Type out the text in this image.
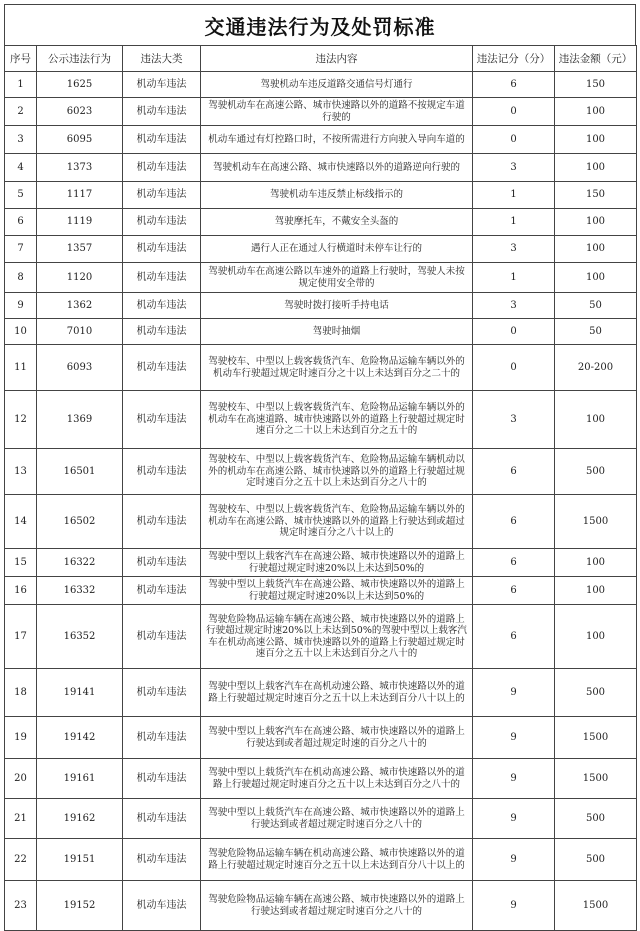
交通违法行为及处罚标准
序号	公示违法行为	违法大类	违法内容	违法记分（分）	违法金额（元）
1	1625	机动车违法	驾驶机动车违反道路交通信号灯通行	6	150
2	6023	机动车违法	驾驶机动车在高速公路、城市快速路以外的道路不按规定车道行驶的	0	100
3	6095	机动车违法	机动车通过有灯控路口时，不按所需进行方向驶入导向车道的	0	100
4	1373	机动车违法	驾驶机动车在高速公路、城市快速路以外的道路逆向行驶的	3	100
5	1117	机动车违法	驾驶机动车违反禁止标线指示的	1	150
6	1119	机动车违法	驾驶摩托车，不戴安全头盔的	1	100
7	1357	机动车违法	遇行人正在通过人行横道时未停车让行的	3	100
8	1120	机动车违法	驾驶机动车在高速公路以车速外的道路上行驶时，驾驶人未按规定使用安全带的	1	100
9	1362	机动车违法	驾驶时拨打接听手持电话	3	50
10	7010	机动车违法	驾驶时抽烟	0	50
11	6093	机动车违法	驾驶校车、中型以上载客载货汽车、危险物品运输车辆以外的机动车行驶超过规定时速百分之十以上未达到百分之二十的	0	20-200
12	1369	机动车违法	驾驶校车、中型以上载客载货汽车、危险物品运输车辆以外的机动车在高速道路、城市快速路以外的道路上行驶超过规定时速百分之二十以上未达到百分之五十的	3	100
13	16501	机动车违法	驾驶校车、中型以上载客载货汽车、危险物品运输车辆机动以外的机动车在高速公路、城市快速路以外的道路上行驶超过规定时速百分之五十以上未达到百分之八十的	6	500
14	16502	机动车违法	驾驶校车、中型以上载客载货汽车、危险物品运输车辆以外的机动车在高速公路、城市快速路以外的道路上行驶达到或超过规定时速百分之八十以上的	6	1500
15	16322	机动车违法	驾驶中型以上载客汽车在高速公路、城市快速路以外的道路上行驶超过规定时速20%以上未达到50%的	6	100
16	16332	机动车违法	驾驶中型以上载货汽车在高速公路、城市快速路以外的道路上行驶超过规定时速20%以上未达到50%的	6	100
17	16352	机动车违法	驾驶危险物品运输车辆在高速公路、城市快速路以外的道路上行驶超过规定时速20%以上未达到50%的驾驶中型以上载客汽车在机动高速公路、城市快速路以外的道路上行驶超过规定时速百分之五十以上未达到百分之八十的	6	100
18	19141	机动车违法	驾驶中型以上载客汽车在高机动速公路、城市快速路以外的道路上行驶超过规定时速百分之五十以上未达到百分八十以上的	9	500
19	19142	机动车违法	驾驶中型以上载客汽车在高速公路、城市快速路以外的道路上行驶达到或者超过规定时速的百分之八十的	9	1500
20	19161	机动车违法	驾驶中型以上载货汽车在机动高速公路、城市快速路以外的道路上行驶超过规定时速百分之五十以上未达到百分之八十的	9	1500
21	19162	机动车违法	驾驶中型以上载货汽车在高速公路、城市快速路以外的道路上行驶达到或者超过规定时速百分之八十的	9	500
22	19151	机动车违法	驾驶危险物品运输车辆在机动高速公路、城市快速路以外的道路上行驶超过规定时速百分之五十以上未达到百分八十以上的	9	500
23	19152	机动车违法	驾驶危险物品运输车辆在高速公路、城市快速路以外的道路上行驶达到或者超过规定时速百分之八十的	9	1500
